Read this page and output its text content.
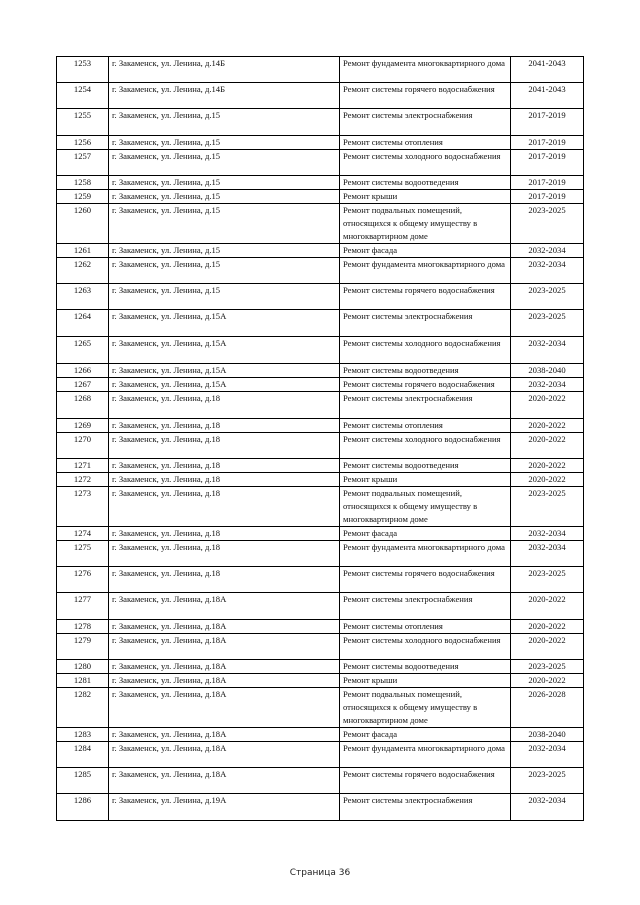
1253	г. Закаменск, ул. Ленина, д.14Б	Ремонт фундамента многоквартирного дома	2041-2043
1254	г. Закаменск, ул. Ленина, д.14Б	Ремонт системы горячего водоснабжения	2041-2043
1255	г. Закаменск, ул. Ленина, д.15	Ремонт системы электроснабжения	2017-2019
1256	г. Закаменск, ул. Ленина, д.15	Ремонт системы отопления	2017-2019
1257	г. Закаменск, ул. Ленина, д.15	Ремонт системы холодного водоснабжения	2017-2019
1258	г. Закаменск, ул. Ленина, д.15	Ремонт системы водоотведения	2017-2019
1259	г. Закаменск, ул. Ленина, д.15	Ремонт крыши	2017-2019
1260	г. Закаменск, ул. Ленина, д.15	Ремонт подвальных помещений, относящихся к общему имуществу в многоквартирном доме	2023-2025
1261	г. Закаменск, ул. Ленина, д.15	Ремонт фасада	2032-2034
1262	г. Закаменск, ул. Ленина, д.15	Ремонт фундамента многоквартирного дома	2032-2034
1263	г. Закаменск, ул. Ленина, д.15	Ремонт системы горячего водоснабжения	2023-2025
1264	г. Закаменск, ул. Ленина, д.15А	Ремонт системы электроснабжения	2023-2025
1265	г. Закаменск, ул. Ленина, д.15А	Ремонт системы холодного водоснабжения	2032-2034
1266	г. Закаменск, ул. Ленина, д.15А	Ремонт системы водоотведения	2038-2040
1267	г. Закаменск, ул. Ленина, д.15А	Ремонт системы горячего водоснабжения	2032-2034
1268	г. Закаменск, ул. Ленина, д.18	Ремонт системы электроснабжения	2020-2022
1269	г. Закаменск, ул. Ленина, д.18	Ремонт системы отопления	2020-2022
1270	г. Закаменск, ул. Ленина, д.18	Ремонт системы холодного водоснабжения	2020-2022
1271	г. Закаменск, ул. Ленина, д.18	Ремонт системы водоотведения	2020-2022
1272	г. Закаменск, ул. Ленина, д.18	Ремонт крыши	2020-2022
1273	г. Закаменск, ул. Ленина, д.18	Ремонт подвальных помещений, относящихся к общему имуществу в многоквартирном доме	2023-2025
1274	г. Закаменск, ул. Ленина, д.18	Ремонт фасада	2032-2034
1275	г. Закаменск, ул. Ленина, д.18	Ремонт фундамента многоквартирного дома	2032-2034
1276	г. Закаменск, ул. Ленина, д.18	Ремонт системы горячего водоснабжения	2023-2025
1277	г. Закаменск, ул. Ленина, д.18А	Ремонт системы электроснабжения	2020-2022
1278	г. Закаменск, ул. Ленина, д.18А	Ремонт системы отопления	2020-2022
1279	г. Закаменск, ул. Ленина, д.18А	Ремонт системы холодного водоснабжения	2020-2022
1280	г. Закаменск, ул. Ленина, д.18А	Ремонт системы водоотведения	2023-2025
1281	г. Закаменск, ул. Ленина, д.18А	Ремонт крыши	2020-2022
1282	г. Закаменск, ул. Ленина, д.18А	Ремонт подвальных помещений, относящихся к общему имуществу в многоквартирном доме	2026-2028
1283	г. Закаменск, ул. Ленина, д.18А	Ремонт фасада	2038-2040
1284	г. Закаменск, ул. Ленина, д.18А	Ремонт фундамента многоквартирного дома	2032-2034
1285	г. Закаменск, ул. Ленина, д.18А	Ремонт системы горячего водоснабжения	2023-2025
1286	г. Закаменск, ул. Ленина, д.19А	Ремонт системы электроснабжения	2032-2034
Страница 36
